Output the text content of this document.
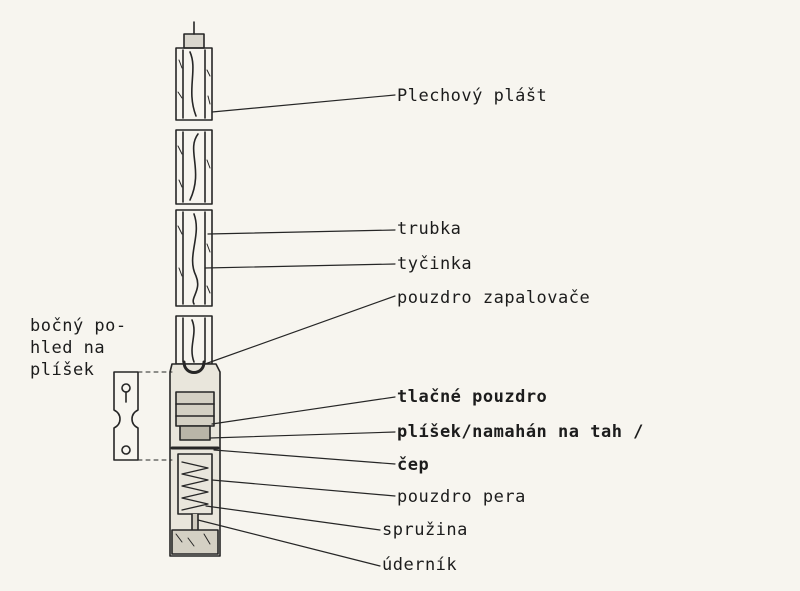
Plechový plášt
trubka
tyčinka
pouzdro zapalovače
tlačné pouzdro
plíšek/namahán na tah /
čep
pouzdro pera
spružina
úderník
bočný po-
hled na
plíšek
